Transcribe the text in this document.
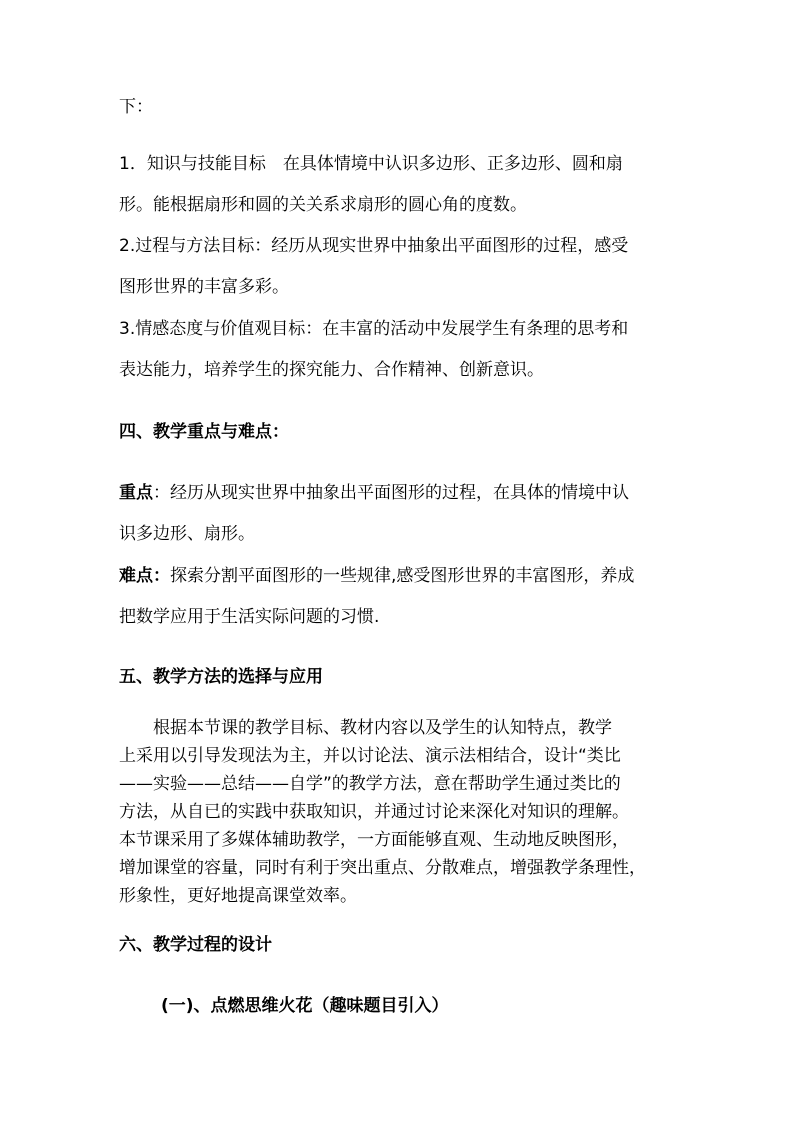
下：
1．知识与技能目标　在具体情境中认识多边形、正多边形、圆和扇
形。能根据扇形和圆的关关系求扇形的圆心角的度数。
2.过程与方法目标：经历从现实世界中抽象出平面图形的过程，感受
图形世界的丰富多彩。
3.情感态度与价值观目标：在丰富的活动中发展学生有条理的思考和
表达能力，培养学生的探究能力、合作精神、创新意识。
四、教学重点与难点：
重点：经历从现实世界中抽象出平面图形的过程，在具体的情境中认
识多边形、扇形。
难点：探索分割平面图形的一些规律,感受图形世界的丰富图形，养成
把数学应用于生活实际问题的习惯.
五、教学方法的选择与应用
　　根据本节课的教学目标、教材内容以及学生的认知特点，教学
上采用以引导发现法为主，并以讨论法、演示法相结合，设计“类比
——实验——总结——自学”的教学方法，意在帮助学生通过类比的
方法，从自已的实践中获取知识，并通过讨论来深化对知识的理解。
本节课采用了多媒体辅助教学，一方面能够直观、生动地反映图形，
增加课堂的容量，同时有利于突出重点、分散难点，增强教学条理性，
形象性，更好地提高课堂效率。
六、教学过程的设计
(一)、点燃思维火花（趣味题目引入）
